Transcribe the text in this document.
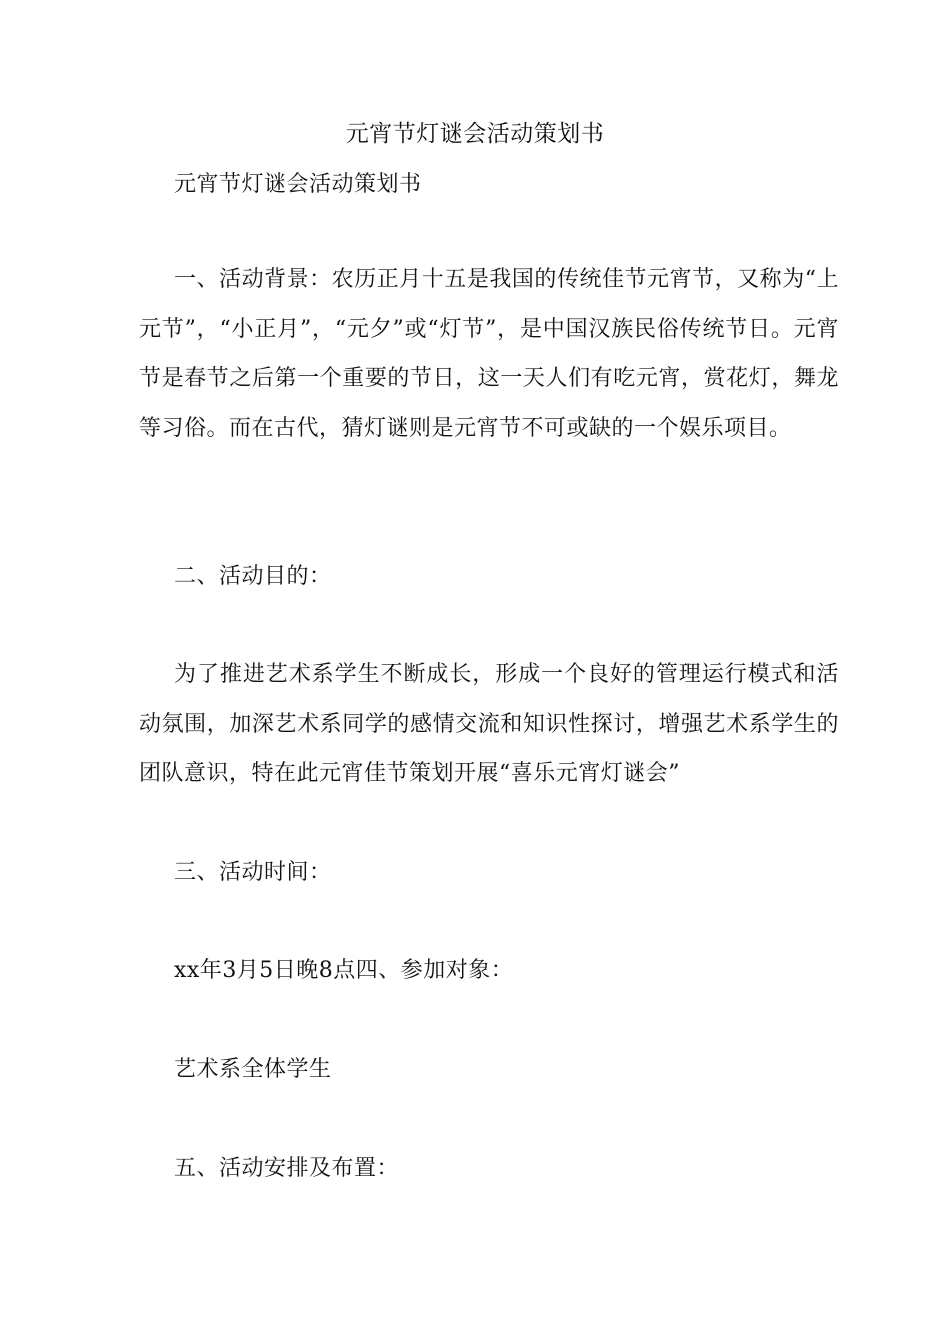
元宵节灯谜会活动策划书

元宵节灯谜会活动策划书

一、活动背景：农历正月十五是我国的传统佳节元宵节，又称为“上元节”，“小正月”，“元夕”或“灯节”，是中国汉族民俗传统节日。元宵节是春节之后第一个重要的节日，这一天人们有吃元宵，赏花灯，舞龙等习俗。而在古代，猜灯谜则是元宵节不可或缺的一个娱乐项目。

二、活动目的：

为了推进艺术系学生不断成长，形成一个良好的管理运行模式和活动氛围，加深艺术系同学的感情交流和知识性探讨，增强艺术系学生的团队意识，特在此元宵佳节策划开展“喜乐元宵灯谜会”

三、活动时间：

xx年3月5日晚8点四、参加对象：

艺术系全体学生

五、活动安排及布置：
